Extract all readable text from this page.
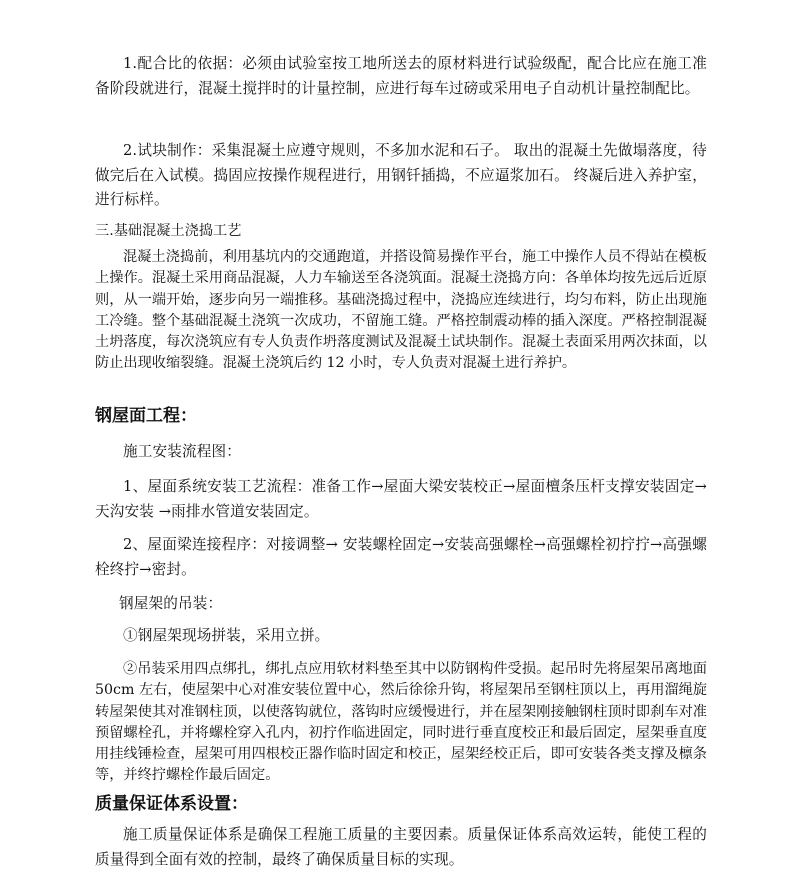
1.配合比的依据：必须由试验室按工地所送去的原材料进行试验级配，配合比应在施工准备阶段就进行，混凝土搅拌时的计量控制，应进行每车过磅或采用电子自动机计量控制配比。

2.试块制作：采集混凝土应遵守规则，不多加水泥和石子。 取出的混凝土先做塌落度，待做完后在入试模。捣固应按操作规程进行，用钢钎插捣，不应逼浆加石。 终凝后进入养护室，进行标样。

三.基础混凝土浇捣工艺

混凝土浇捣前，利用基坑内的交通跑道，并搭设简易操作平台，施工中操作人员不得站在模板上操作。混凝土采用商品混凝，人力车输送至各浇筑面。混凝土浇捣方向：各单体均按先远后近原则，从一端开始，逐步向另一端推移。基础浇捣过程中，浇捣应连续进行，均匀布料，防止出现施工冷缝。整个基础混凝土浇筑一次成功，不留施工缝。严格控制震动棒的插入深度。严格控制混凝土坍落度，每次浇筑应有专人负责作坍落度测试及混凝土试块制作。混凝土表面采用两次抹面，以防止出现收缩裂缝。混凝土浇筑后约 12 小时，专人负责对混凝土进行养护。

钢屋面工程：

施工安装流程图：

1、屋面系统安装工艺流程：准备工作→屋面大梁安装校正→屋面檀条压杆支撑安装固定→天沟安装 →雨排水管道安装固定。

2、屋面梁连接程序：对接调整→ 安装螺栓固定→安装高强螺栓→高强螺栓初拧拧→高强螺栓终拧→密封。

钢屋架的吊装：

①钢屋架现场拼装，采用立拼。

②吊装采用四点绑扎，绑扎点应用软材料垫至其中以防钢构件受损。起吊时先将屋架吊离地面 50cm 左右，使屋架中心对准安装位置中心，然后徐徐升钩，将屋架吊至钢柱顶以上，再用溜绳旋转屋架使其对准钢柱顶，以使落钩就位，落钩时应缓慢进行，并在屋架刚接触钢柱顶时即刹车对准预留螺栓孔，并将螺栓穿入孔内，初拧作临进固定，同时进行垂直度校正和最后固定，屋架垂直度用挂线锤检查，屋架可用四根校正器作临时固定和校正，屋架经校正后，即可安装各类支撑及檩条等，并终拧螺栓作最后固定。

质量保证体系设置：

施工质量保证体系是确保工程施工质量的主要因素。质量保证体系高效运转，能使工程的质量得到全面有效的控制，最终了确保质量目标的实现。
